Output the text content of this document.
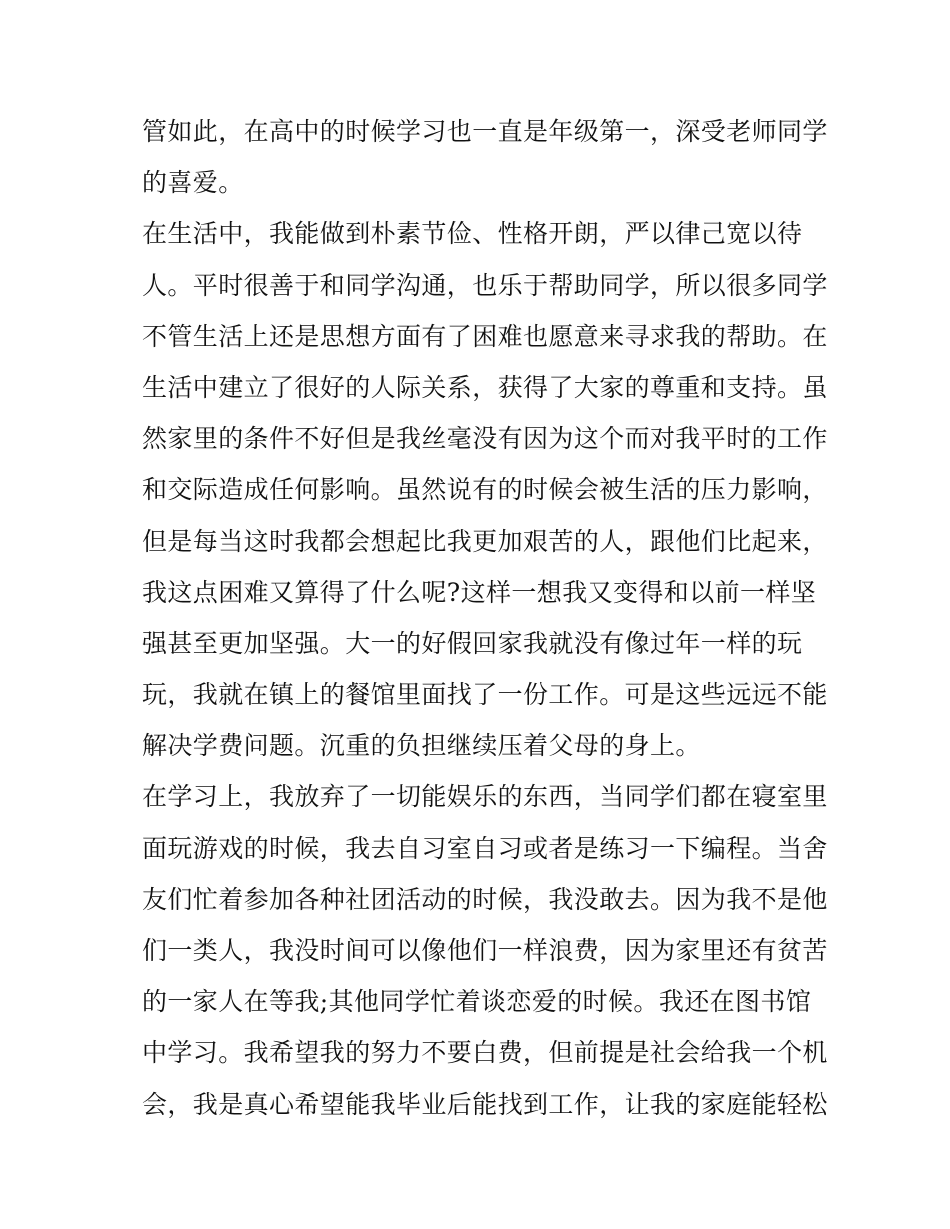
管如此，在高中的时候学习也一直是年级第一，深受老师同学
的喜爱。
在生活中，我能做到朴素节俭、性格开朗，严以律己宽以待
人。平时很善于和同学沟通，也乐于帮助同学，所以很多同学
不管生活上还是思想方面有了困难也愿意来寻求我的帮助。在
生活中建立了很好的人际关系，获得了大家的尊重和支持。虽
然家里的条件不好但是我丝毫没有因为这个而对我平时的工作
和交际造成任何影响。虽然说有的时候会被生活的压力影响，
但是每当这时我都会想起比我更加艰苦的人，跟他们比起来，
我这点困难又算得了什么呢?这样一想我又变得和以前一样坚
强甚至更加坚强。大一的好假回家我就没有像过年一样的玩
玩，我就在镇上的餐馆里面找了一份工作。可是这些远远不能
解决学费问题。沉重的负担继续压着父母的身上。
在学习上，我放弃了一切能娱乐的东西，当同学们都在寝室里
面玩游戏的时候，我去自习室自习或者是练习一下编程。当舍
友们忙着参加各种社团活动的时候，我没敢去。因为我不是他
们一类人，我没时间可以像他们一样浪费，因为家里还有贫苦
的一家人在等我;其他同学忙着谈恋爱的时候。我还在图书馆
中学习。我希望我的努力不要白费，但前提是社会给我一个机
会，我是真心希望能我毕业后能找到工作，让我的家庭能轻松
